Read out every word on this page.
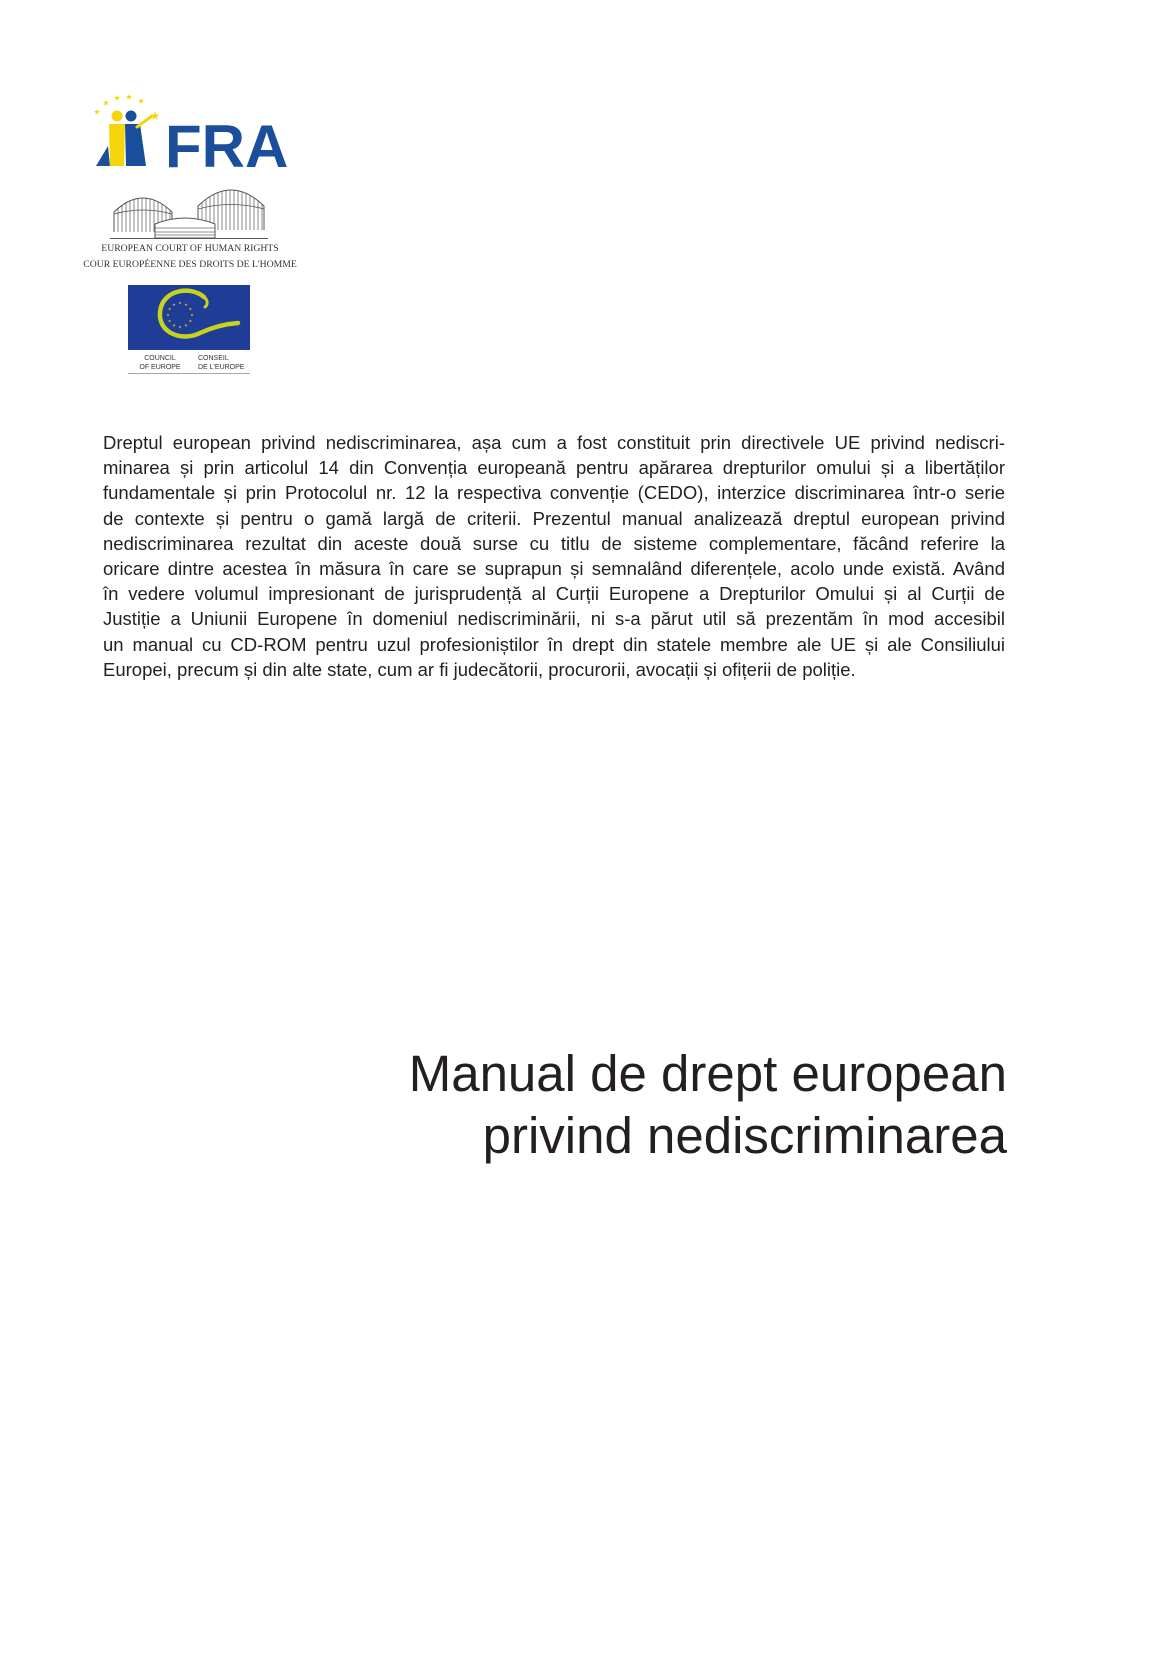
FRA
EUROPEAN COURT OF HUMAN RIGHTS
COUR EUROPÉENNE DES DROITS DE L'HOMME
COUNCIL
OF EUROPE
CONSEIL
DE L'EUROPE
Dreptul european privind nediscriminarea, așa cum a fost constituit prin directivele UE privind nediscri-
minarea și prin articolul 14 din Convenția europeană pentru apărarea drepturilor omului și a libertăților
fundamentale și prin Protocolul nr. 12 la respectiva convenție (CEDO), interzice discriminarea într-o serie
de contexte și pentru o gamă largă de criterii. Prezentul manual analizează dreptul european privind
nediscriminarea rezultat din aceste două surse cu titlu de sisteme complementare, făcând referire la
oricare dintre acestea în măsura în care se suprapun și semnalând diferențele, acolo unde există. Având
în vedere volumul impresionant de jurisprudență al Curții Europene a Drepturilor Omului și al Curții de
Justiție a Uniunii Europene în domeniul nediscriminării, ni s-a părut util să prezentăm în mod accesibil
un manual cu CD-ROM pentru uzul profesioniștilor în drept din statele membre ale UE și ale Consiliului
Europei, precum și din alte state, cum ar fi judecătorii, procurorii, avocații și ofițerii de poliție.
Manual de drept european
privind nediscriminarea
